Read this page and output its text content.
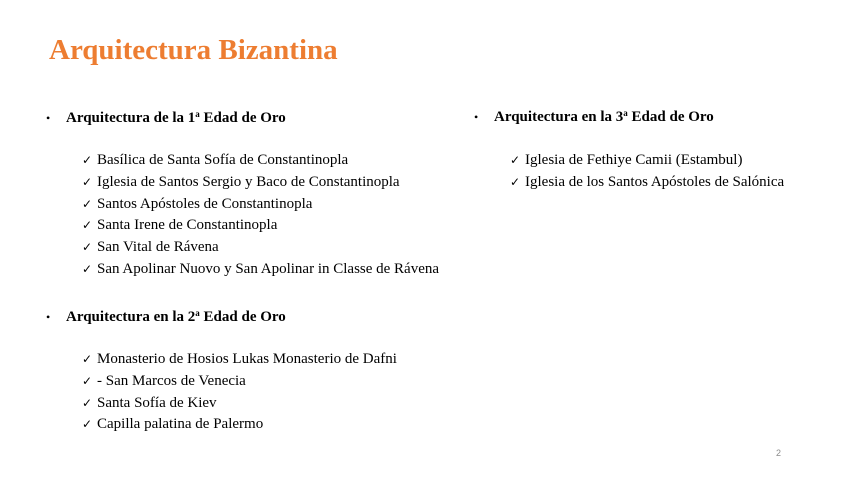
Arquitectura Bizantina
•	Arquitectura de la 1$^a$ Edad de Oro
✓ Basílica de Santa Sofía de Constantinopla
✓ Iglesia de Santos Sergio y Baco de Constantinopla
✓ Santos Apóstoles de Constantinopla
✓ Santa Irene de Constantinopla
✓ San Vital de Rávena
✓ San Apolinar Nuovo y San Apolinar in Classe de Rávena
•	Arquitectura en la 2$^a$ Edad de Oro
✓ Monasterio de Hosios Lukas Monasterio de Dafni
✓ - San Marcos de Venecia
✓ Santa Sofía de Kiev
✓ Capilla palatina de Palermo
•	Arquitectura en la 3$^a$ Edad de Oro
✓ Iglesia de Fethiye Camii (Estambul)
✓ Iglesia de los Santos Apóstoles de Salónica
2
